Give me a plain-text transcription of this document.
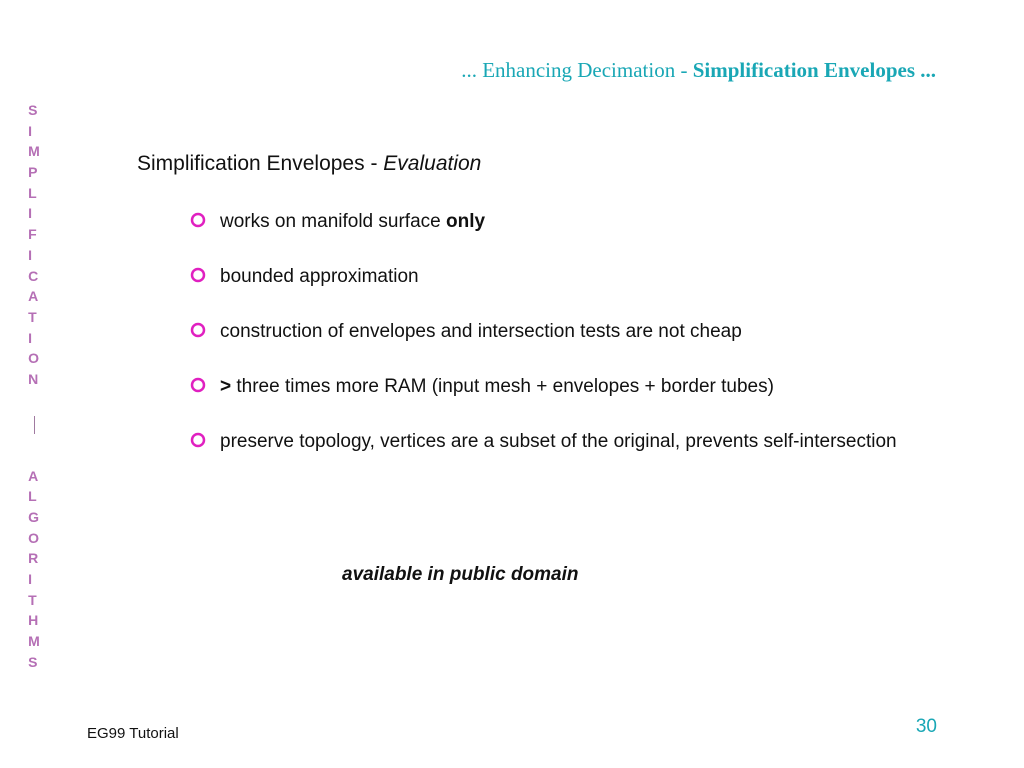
... Enhancing Decimation - Simplification Envelopes ...
S
I
M
P
L
I
F
I
C
A
T
I
O
N
A
L
G
O
R
I
T
H
M
S
Simplification Envelopes - Evaluation
works on manifold surface only
bounded approximation
construction of envelopes and intersection tests are not cheap
> three times more RAM (input mesh + envelopes + border tubes)
preserve topology, vertices are a subset of the original, prevents self-intersection
available in public domain
EG99 Tutorial	30
